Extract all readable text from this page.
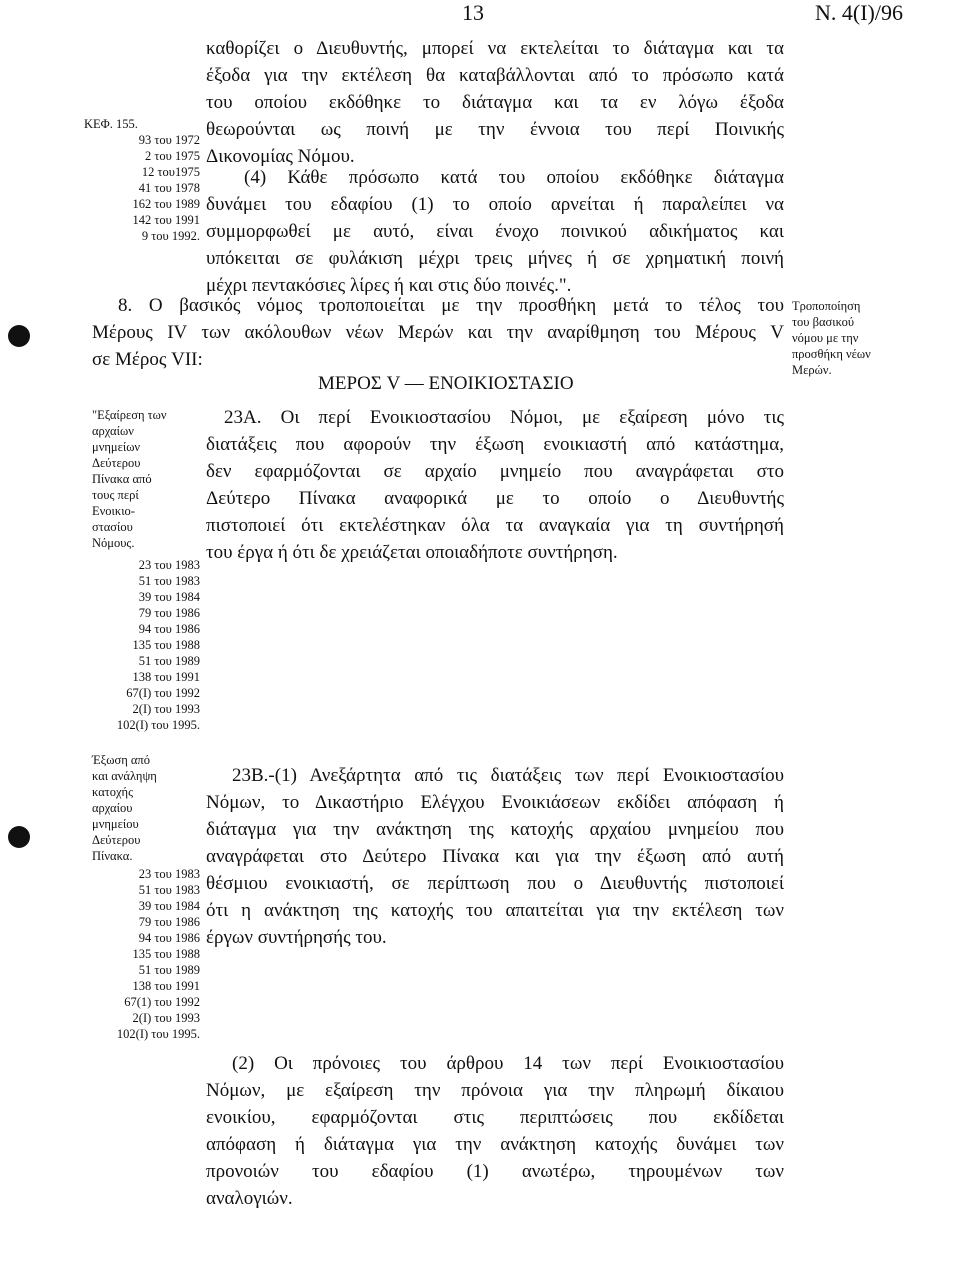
13	Ν. 4(Ι)/96
καθορίζει ο Διευθυντής, μπορεί να εκτελείται το διάταγμα και τα
έξοδα για την εκτέλεση θα καταβάλλονται από το πρόσωπο κατά
του οποίου εκδόθηκε το διάταγμα και τα εν λόγω έξοδα
θεωρούνται ως ποινή με την έννοια του περί Ποινικής
Δικονομίας Νόμου.
(4) Κάθε πρόσωπο κατά του οποίου εκδόθηκε διάταγμα
δυνάμει του εδαφίου (1) το οποίο αρνείται ή παραλείπει να
συμμορφωθεί με αυτό, είναι ένοχο ποινικού αδικήματος και
υπόκειται σε φυλάκιση μέχρι τρεις μήνες ή σε χρηματική ποινή
μέχρι πεντακόσιες λίρες ή και στις δύο ποινές.".
ΚΕΦ. 155.
93 του 1972
2 του 1975
12 του1975
41 του 1978
162 του 1989
142 του 1991
9 του 1992.
8. Ο βασικός νόμος τροποποιείται με την προσθήκη μετά το τέλος του
Μέρους IV των ακόλουθων νέων Μερών και την αναρίθμηση του Μέρους V
σε Μέρος VII:
Τροποποίηση
του βασικού
νόμου με την
προσθήκη νέων
Μερών.
ΜΕΡΟΣ V — ΕΝΟΙΚΙΟΣΤΑΣΙΟ
23Α. Οι περί Ενοικιοστασίου Νόμοι, με εξαίρεση μόνο τις
διατάξεις που αφορούν την έξωση ενοικιαστή από κατάστημα,
δεν εφαρμόζονται σε αρχαίο μνημείο που αναγράφεται στο
Δεύτερο Πίνακα αναφορικά με το οποίο ο Διευθυντής
πιστοποιεί ότι εκτελέστηκαν όλα τα αναγκαία για τη συντήρησή
του έργα ή ότι δε χρειάζεται οποιαδήποτε συντήρηση.
"Εξαίρεση των
αρχαίων
μνημείων
Δεύτερου
Πίνακα από
τους περί
Ενοικιο-
στασίου
Νόμους.
23 του 1983
51 του 1983
39 του 1984
79 του 1986
94 του 1986
135 του 1988
51 του 1989
138 του 1991
67(Ι) του 1992
2(Ι) του 1993
102(Ι) του 1995.
23Β.-(1) Ανεξάρτητα από τις διατάξεις των περί Ενοικιοστασίου
Νόμων, το Δικαστήριο Ελέγχου Ενοικιάσεων εκδίδει απόφαση ή
διάταγμα για την ανάκτηση της κατοχής αρχαίου μνημείου που
αναγράφεται στο Δεύτερο Πίνακα και για την έξωση από αυτή
θέσμιου ενοικιαστή, σε περίπτωση που ο Διευθυντής πιστοποιεί
ότι η ανάκτηση της κατοχής του απαιτείται για την εκτέλεση των
έργων συντήρησής του.
Έξωση από
και ανάληψη
κατοχής
αρχαίου
μνημείου
Δεύτερου
Πίνακα.
23 του 1983
51 του 1983
39 του 1984
79 του 1986
94 του 1986
135 του 1988
51 του 1989
138 του 1991
67(1) του 1992
2(Ι) του 1993
102(Ι) του 1995.
(2) Οι πρόνοιες του άρθρου 14 των περί Ενοικιοστασίου
Νόμων, με εξαίρεση την πρόνοια για την πληρωμή δίκαιου
ενοικίου, εφαρμόζονται στις περιπτώσεις που εκδίδεται
απόφαση ή διάταγμα για την ανάκτηση κατοχής δυνάμει των
προνοιών του εδαφίου (1) ανωτέρω, τηρουμένων των
αναλογιών.
